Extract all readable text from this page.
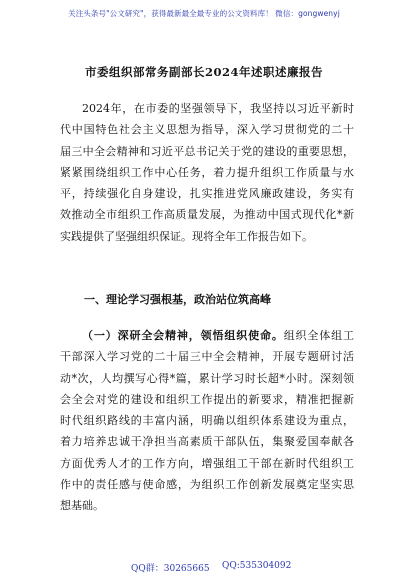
关注头条号"公文研究"，获得最新最全最专业的公文资料库！ 微信：gongwenyj
市委组织部常务副部长2024年述职述廉报告
2024年，在市委的坚强领导下，我坚持以习近平新时
代中国特色社会主义思想为指导，深入学习贯彻党的二十
届三中全会精神和习近平总书记关于党的建设的重要思想，
紧紧围绕组织工作中心任务，着力提升组织工作质量与水
平，持续强化自身建设，扎实推进党风廉政建设，务实有
效推动全市组织工作高质量发展，为推动中国式现代化*新
实践提供了坚强组织保证。现将全年工作报告如下。
一、理论学习强根基，政治站位筑高峰
（一）深研全会精神，领悟组织使命。组织全体组工
干部深入学习党的二十届三中全会精神，开展专题研讨活
动*次，人均撰写心得*篇，累计学习时长超*小时。深刻领
会全会对党的建设和组织工作提出的新要求，精准把握新
时代组织路线的丰富内涵，明确以组织体系建设为重点，
着力培养忠诚干净担当高素质干部队伍，集聚爱国奉献各
方面优秀人才的工作方向，增强组工干部在新时代组织工
作中的责任感与使命感，为组织工作创新发展奠定坚实思
想基础。
QQ群：30265665 QQ:535304092
